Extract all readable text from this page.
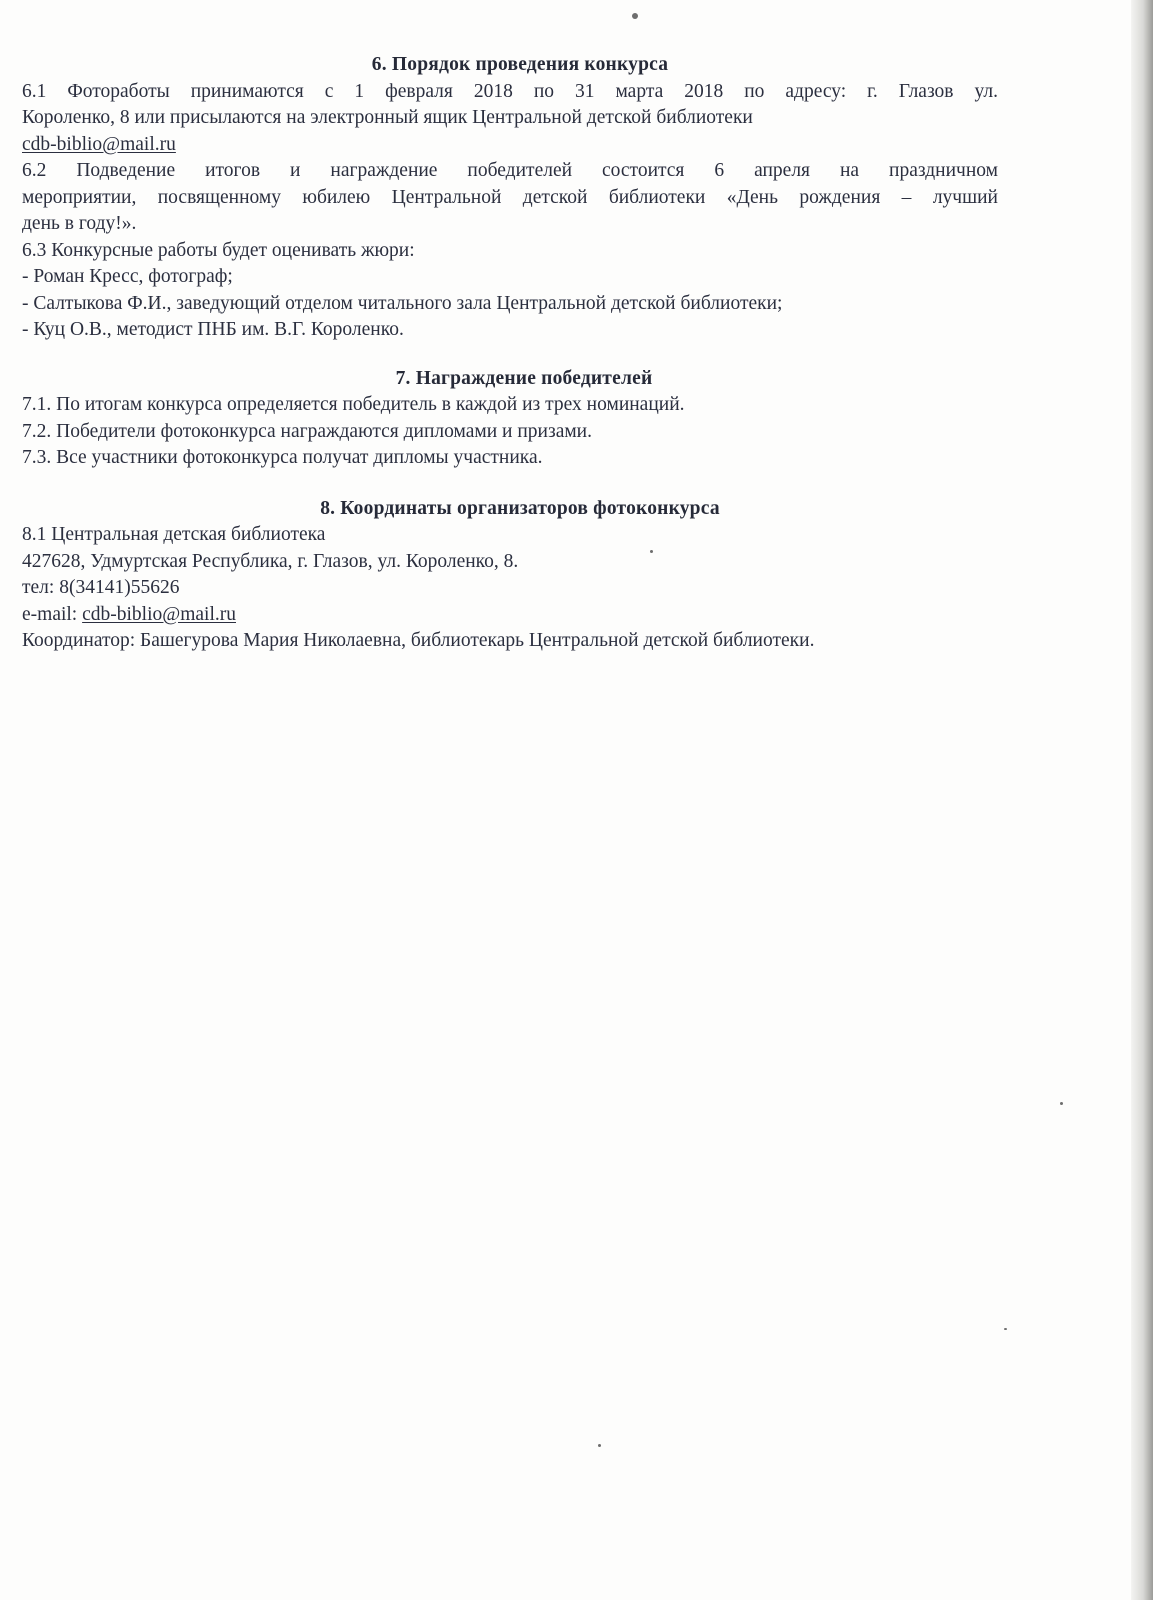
6. Порядок проведения конкурса

6.1 Фотоработы принимаются с 1 февраля 2018 по 31 марта 2018 по адресу: г. Глазов ул.

Короленко, 8 или присылаются на электронный ящик Центральной детской библиотеки

cdb-biblio@mail.ru

6.2 Подведение итогов и награждение победителей состоится 6 апреля на праздничном

мероприятии, посвященному юбилею Центральной детской библиотеки «День рождения – лучший

день в году!».

6.3 Конкурсные работы будет оценивать жюри:

- Роман Кресс, фотограф;

- Салтыкова Ф.И., заведующий отделом читального зала Центральной детской библиотеки;

- Куц О.В., методист ПНБ им. В.Г. Короленко.

7. Награждение победителей

7.1. По итогам конкурса определяется победитель в каждой из трех номинаций.

7.2. Победители фотоконкурса награждаются дипломами и призами.

7.3. Все участники фотоконкурса получат дипломы участника.

8. Координаты организаторов фотоконкурса

8.1 Центральная детская библиотека

427628, Удмуртская Республика, г. Глазов, ул. Короленко, 8.

тел: 8(34141)55626

e-mail: cdb-biblio@mail.ru

Координатор: Башегурова Мария Николаевна, библиотекарь Центральной детской библиотеки.
